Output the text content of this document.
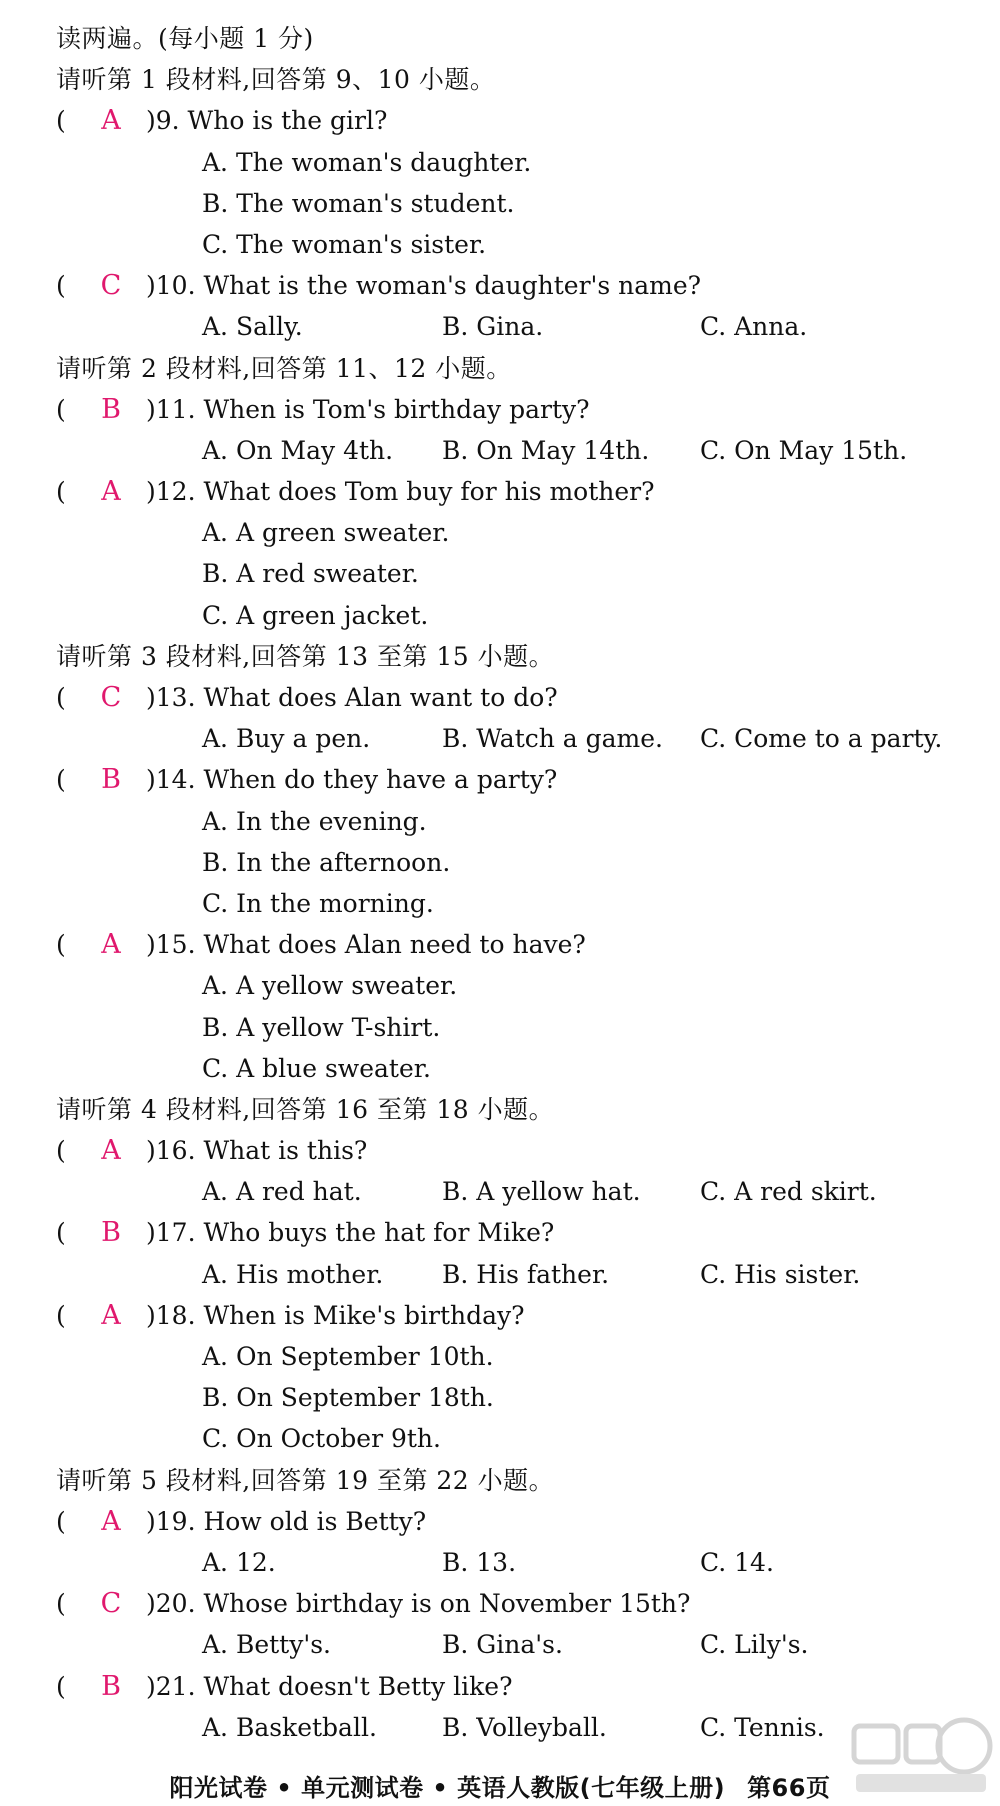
读两遍。(每小题 1 分)
请听第 1 段材料,回答第 9、10 小题。
(	A	)9. Who is the girl?
A. The woman's daughter.
B. The woman's student.
C. The woman's sister.
(	C )10. What is the woman's daughter's name?
A. Sally.	B. Gina.	C. Anna.
请听第 2 段材料,回答第 11、12 小题。
(	B	)11. When is Tom's birthday party?
A. On May 4th.	B. On May 14th.	C. On May 15th.
(	A	)12. What does Tom buy for his mother?
A. A green sweater.
B. A red sweater.
C. A green jacket.
请听第 3 段材料,回答第 13 至第 15 小题。
(	C )13. What does Alan want to do?
A. Buy a pen.	B. Watch a game.	C. Come to a party.
(	B	)14. When do they have a party?
A. In the evening.
B. In the afternoon.
C. In the morning.
(	A	)15. What does Alan need to have?
A. A yellow sweater.
B. A yellow T-shirt.
C. A blue sweater.
请听第 4 段材料,回答第 16 至第 18 小题。
(	A	)16. What is this?
A. A red hat.	B. A yellow hat.	C. A red skirt.
(	B	)17. Who buys the hat for Mike?
A. His mother.	B. His father.	C. His sister.
(	A	)18. When is Mike's birthday?
A. On September 10th.
B. On September 18th.
C. On October 9th.
请听第 5 段材料,回答第 19 至第 22 小题。
(	A	)19. How old is Betty?
A. 12.	B. 13.	C. 14.
(	C )20. Whose birthday is on November 15th?
A. Betty's.	B. Gina's.	C. Lily's.
(	B	)21. What doesn't Betty like?
A. Basketball.	B. Volleyball.	C. Tennis.
阳光试卷 • 单元测试卷 • 英语人教版(七年级上册) 第66页
